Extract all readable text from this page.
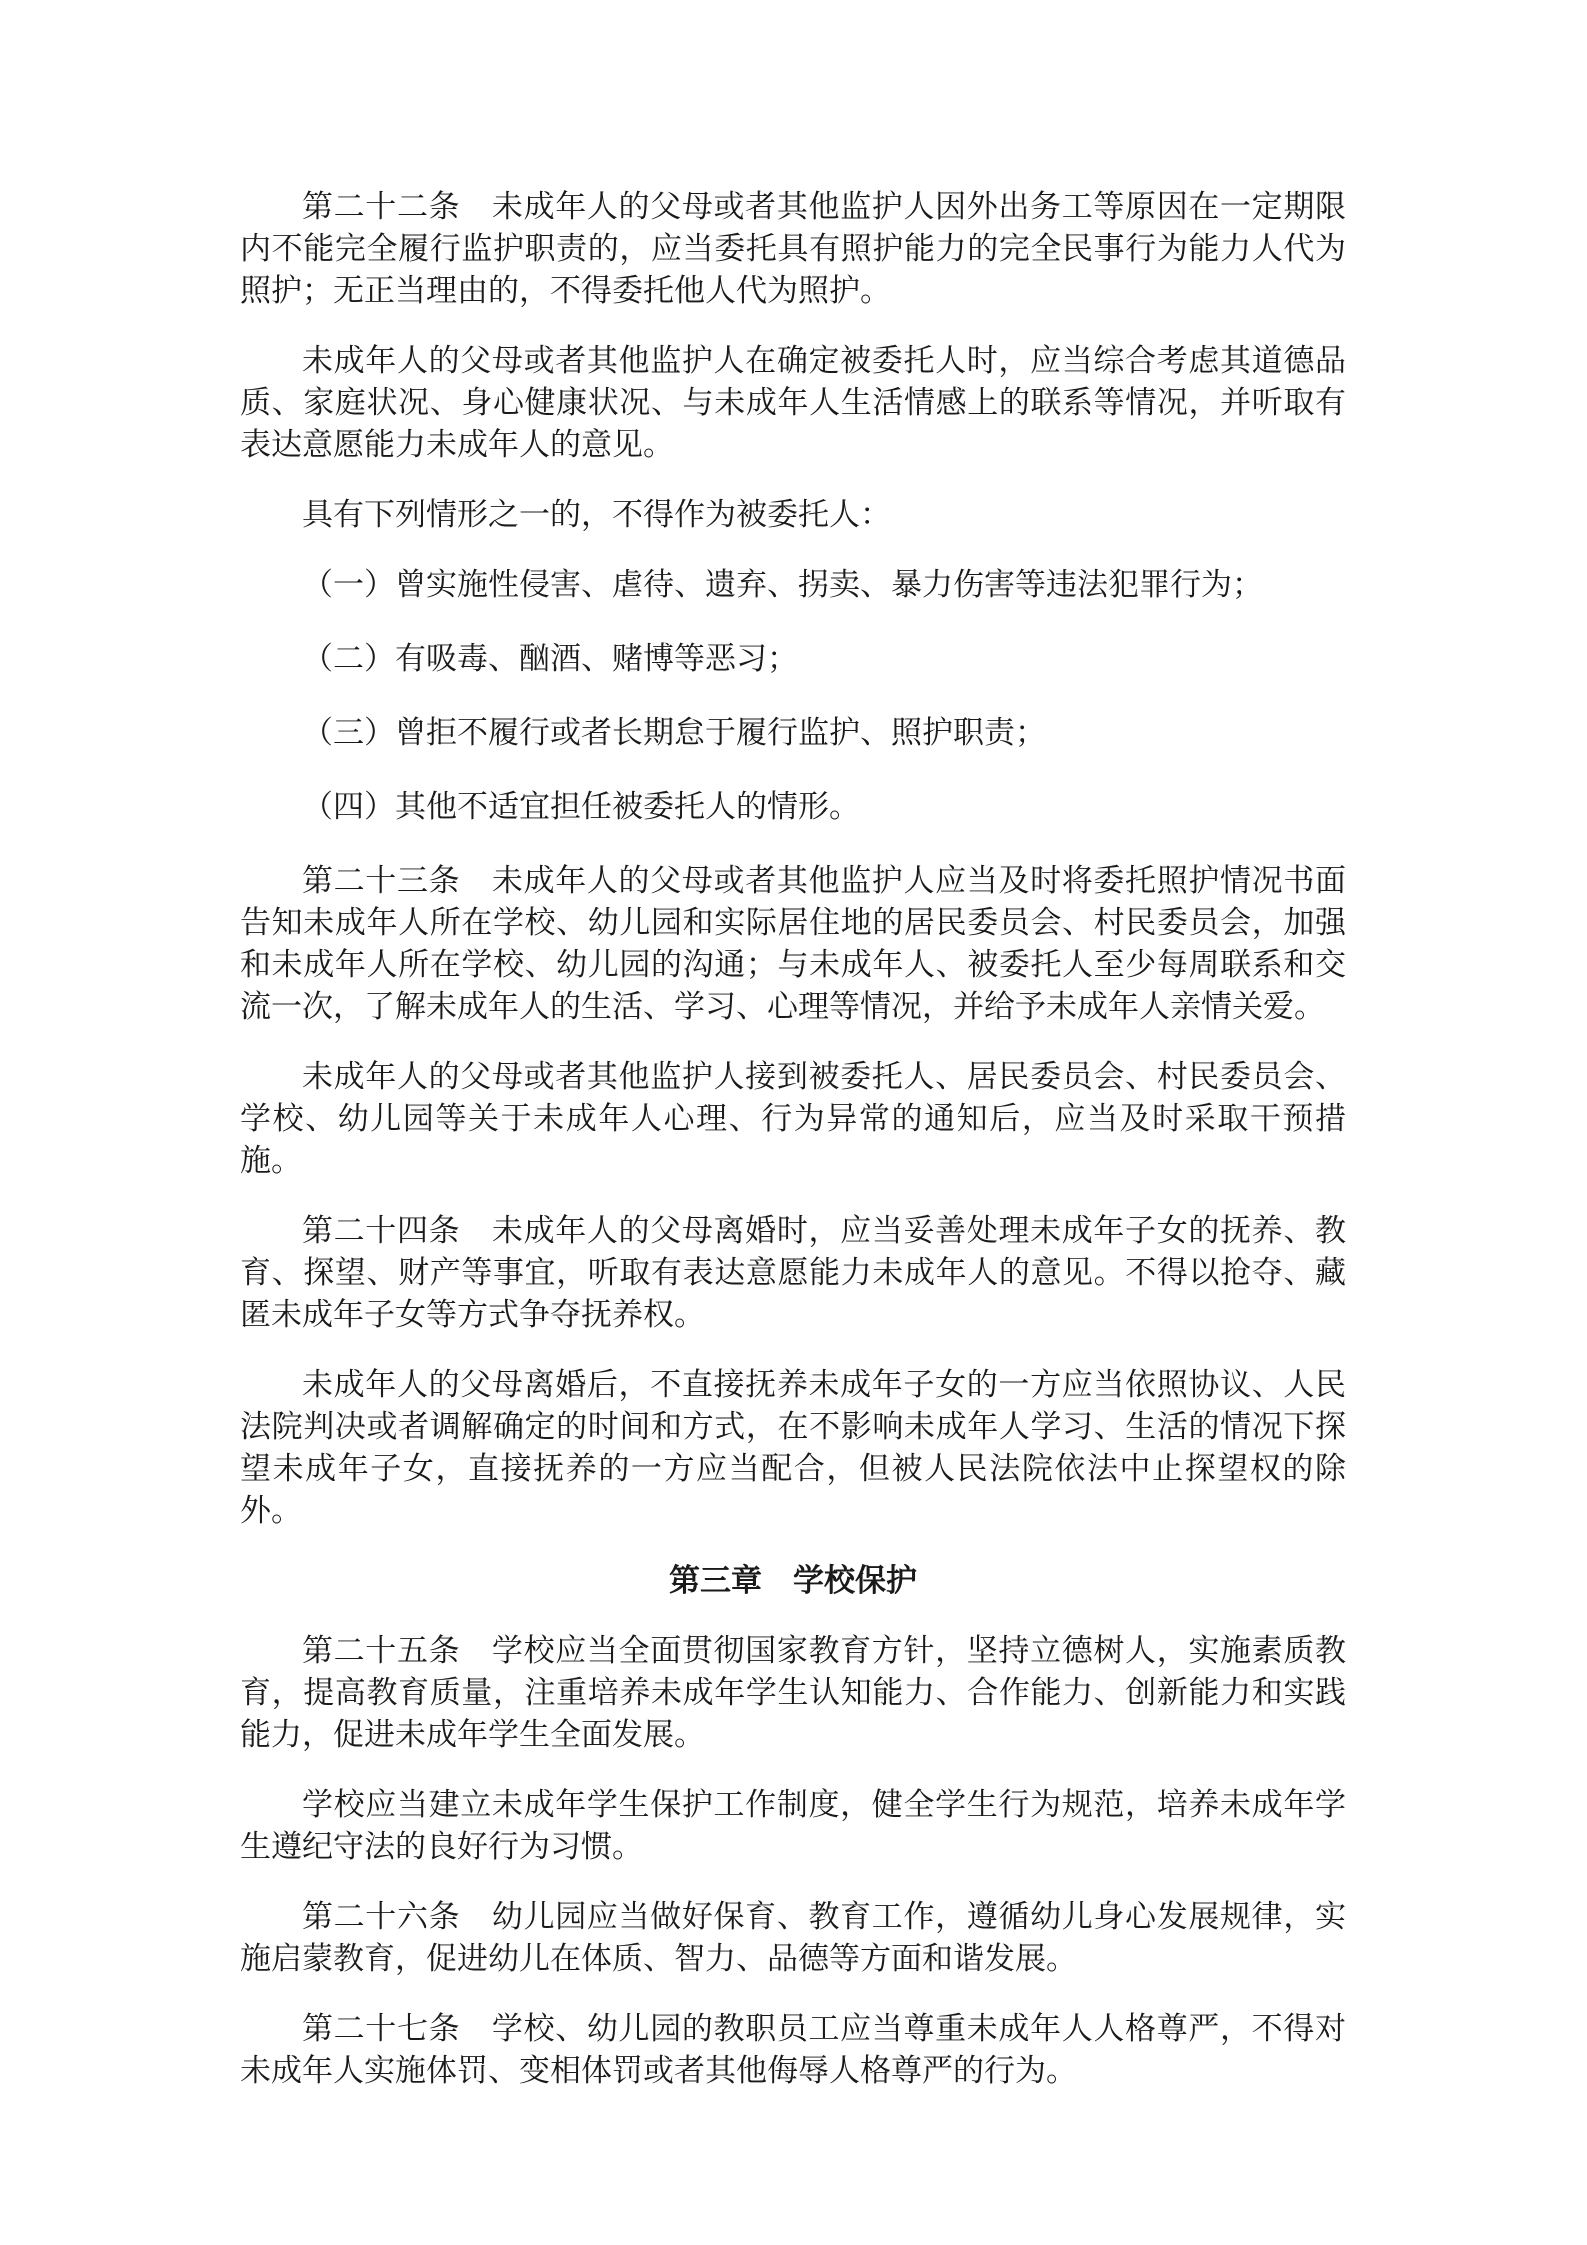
第二十二条　未成年人的父母或者其他监护人因外出务工等原因在一定期限内不能完全履行监护职责的，应当委托具有照护能力的完全民事行为能力人代为照护；无正当理由的，不得委托他人代为照护。

未成年人的父母或者其他监护人在确定被委托人时，应当综合考虑其道德品质、家庭状况、身心健康状况、与未成年人生活情感上的联系等情况，并听取有表达意愿能力未成年人的意见。

具有下列情形之一的，不得作为被委托人：

（一）曾实施性侵害、虐待、遗弃、拐卖、暴力伤害等违法犯罪行为；

（二）有吸毒、酗酒、赌博等恶习；

（三）曾拒不履行或者长期怠于履行监护、照护职责；

（四）其他不适宜担任被委托人的情形。

第二十三条　未成年人的父母或者其他监护人应当及时将委托照护情况书面告知未成年人所在学校、幼儿园和实际居住地的居民委员会、村民委员会，加强和未成年人所在学校、幼儿园的沟通；与未成年人、被委托人至少每周联系和交流一次，了解未成年人的生活、学习、心理等情况，并给予未成年人亲情关爱。

未成年人的父母或者其他监护人接到被委托人、居民委员会、村民委员会、学校、幼儿园等关于未成年人心理、行为异常的通知后，应当及时采取干预措施。

第二十四条　未成年人的父母离婚时，应当妥善处理未成年子女的抚养、教育、探望、财产等事宜，听取有表达意愿能力未成年人的意见。不得以抢夺、藏匿未成年子女等方式争夺抚养权。

未成年人的父母离婚后，不直接抚养未成年子女的一方应当依照协议、人民法院判决或者调解确定的时间和方式，在不影响未成年人学习、生活的情况下探望未成年子女，直接抚养的一方应当配合，但被人民法院依法中止探望权的除外。

第三章　学校保护

第二十五条　学校应当全面贯彻国家教育方针，坚持立德树人，实施素质教育，提高教育质量，注重培养未成年学生认知能力、合作能力、创新能力和实践能力，促进未成年学生全面发展。

学校应当建立未成年学生保护工作制度，健全学生行为规范，培养未成年学生遵纪守法的良好行为习惯。

第二十六条　幼儿园应当做好保育、教育工作，遵循幼儿身心发展规律，实施启蒙教育，促进幼儿在体质、智力、品德等方面和谐发展。

第二十七条　学校、幼儿园的教职员工应当尊重未成年人人格尊严，不得对未成年人实施体罚、变相体罚或者其他侮辱人格尊严的行为。
